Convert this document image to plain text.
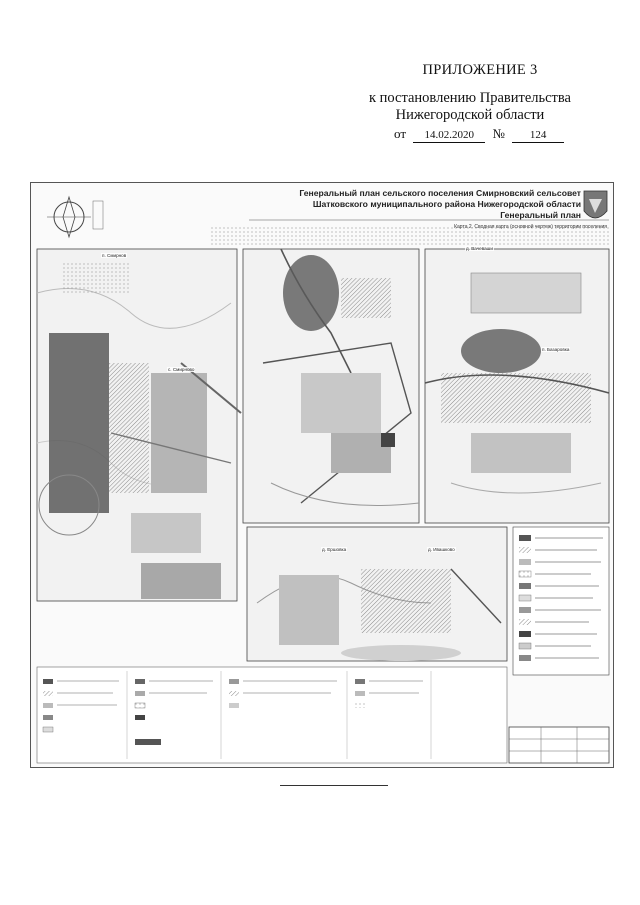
ПРИЛОЖЕНИЕ 3
к постановлению Правительства
Нижегородской области
от 14.02.2020 № 124
Генеральный план сельского поселения Смирновский сельсовет
Шатковского муниципального района Нижегородской области
Генеральный план
Карта 2. Сводная карта (основной чертеж) территории поселения
п. Смирнов
с. Смирново
д. Вачеваши
п. Базаровка
д. Ершовка	д. Ивашково
